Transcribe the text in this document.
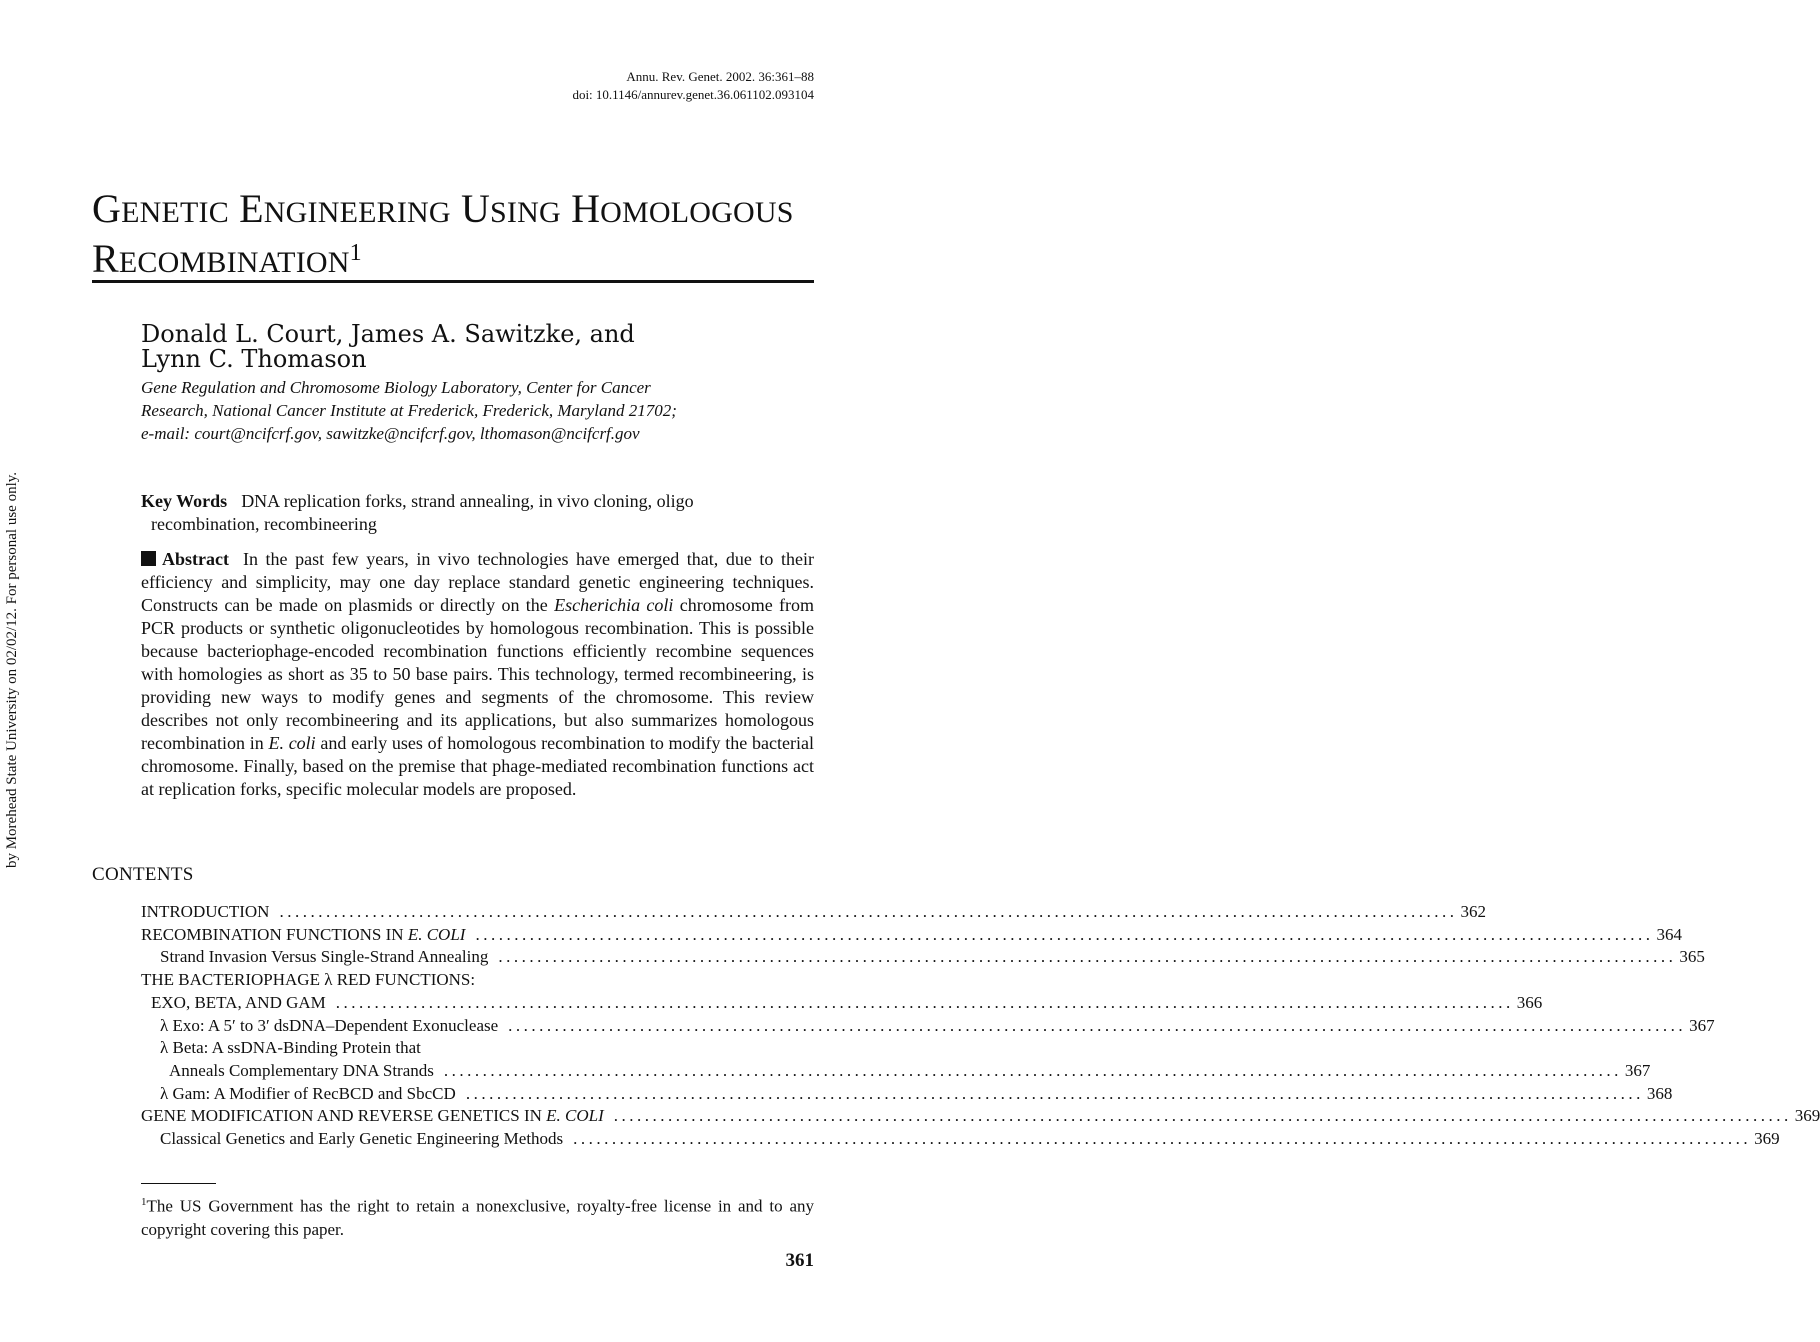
by Morehead State University on 02/02/12. For personal use only.
Annu. Rev. Genet. 2002. 36:361–88
doi: 10.1146/annurev.genet.36.061102.093104
GENETIC ENGINEERING USING HOMOLOGOUS
RECOMBINATION$^1$
Donald L. Court, James A. Sawitzke, and
Lynn C. Thomason
Gene Regulation and Chromosome Biology Laboratory, Center for Cancer
Research, National Cancer Institute at Frederick, Frederick, Maryland 21702;
e-mail: court@ncifcrf.gov, sawitzke@ncifcrf.gov, lthomason@ncifcrf.gov
Key Words DNA replication forks, strand annealing, in vivo cloning, oligo
recombination, recombineering
Abstract In the past few years, in vivo technologies have emerged that, due to their efficiency and simplicity, may one day replace standard genetic engineering techniques. Constructs can be made on plasmids or directly on the Escherichia coli chromosome from PCR products or synthetic oligonucleotides by homologous recombination. This is possible because bacteriophage-encoded recombination functions efficiently recombine sequences with homologies as short as 35 to 50 base pairs. This technology, termed recombineering, is providing new ways to modify genes and segments of the chromosome. This review describes not only recombineering and its applications, but also summarizes homologous recombination in E. coli and early uses of homologous recombination to modify the bacterial chromosome. Finally, based on the premise that phage-mediated recombination functions act at replication forks, specific molecular models are proposed.
CONTENTS
INTRODUCTION ........................................................................................................................................................ 362
RECOMBINATION FUNCTIONS IN E. COLI ........................................................................................................................................................ 364
Strand Invasion Versus Single-Strand Annealing ........................................................................................................................................................ 365
THE BACTERIOPHAGE λ RED FUNCTIONS:
EXO, BETA, AND GAM ........................................................................................................................................................ 366
λ Exo: A 5′ to 3′ dsDNA–Dependent Exonuclease ........................................................................................................................................................ 367
λ Beta: A ssDNA-Binding Protein that
Anneals Complementary DNA Strands ........................................................................................................................................................ 367
λ Gam: A Modifier of RecBCD and SbcCD ........................................................................................................................................................ 368
GENE MODIFICATION AND REVERSE GENETICS IN E. COLI ........................................................................................................................................................ 369
Classical Genetics and Early Genetic Engineering Methods ........................................................................................................................................................ 369
$^1$The US Government has the right to retain a nonexclusive, royalty-free license in and to any copyright covering this paper.
361
